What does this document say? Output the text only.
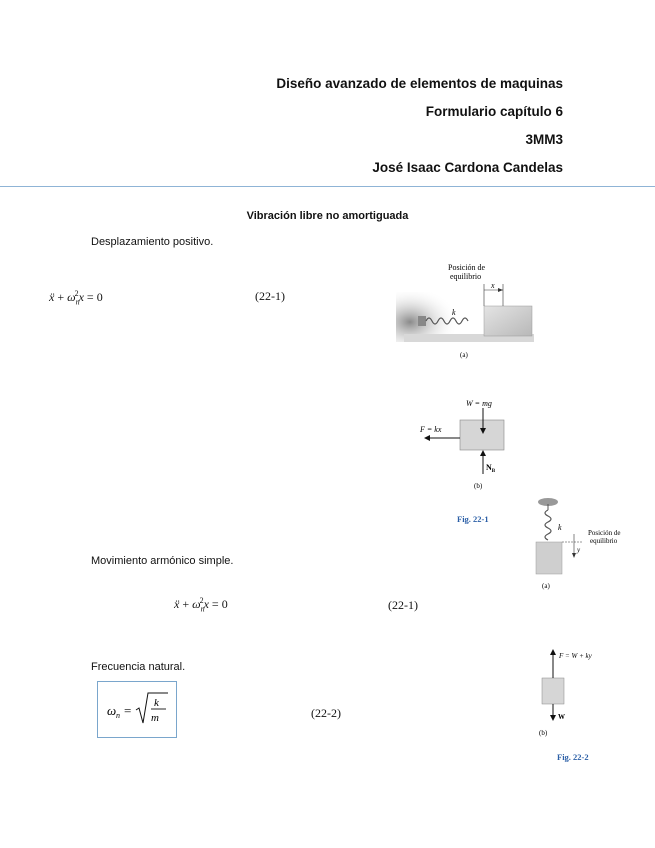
Diseño avanzado de elementos de maquinas
Formulario capítulo 6
3MM3
José Isaac Cardona Candelas
Vibración libre no amortiguada
Desplazamiento positivo.
ẍ + $\omega_n^2x = 0$	(22-1)
Movimiento armónico simple.
ẍ + $\omega_n^2x = 0$	(22-1)
Frecuencia natural.
ω n = k
m	(22-2)
Posición de
equilibrio
x
k
(a)
W = mg
F = kx
$N_B$
(b)
Fig. 22-1
k
y
Posición de
equilibrio
(a)
F = W + ky
W
(b)
Fig. 22-2
